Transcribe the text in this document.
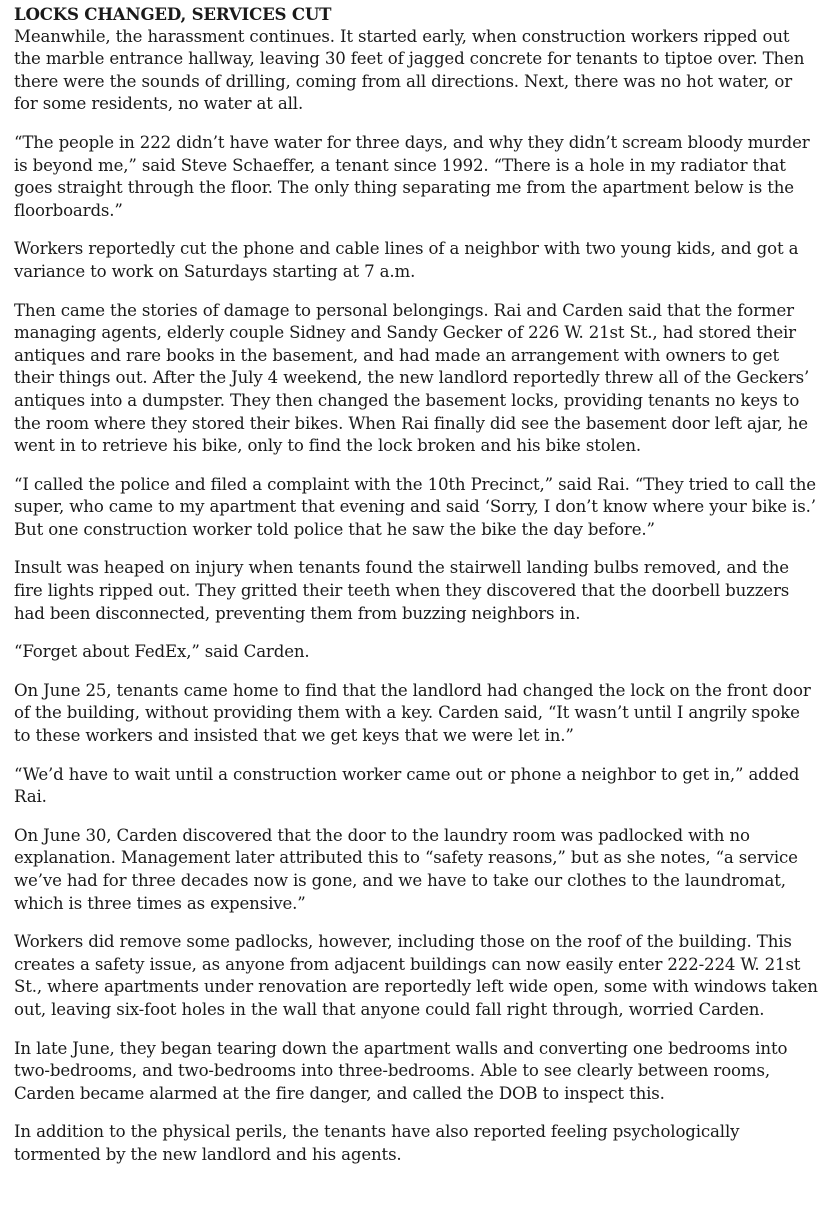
LOCKS CHANGED, SERVICES CUT

Meanwhile, the harassment continues. It started early, when construction workers ripped out the marble entrance hallway, leaving 30 feet of jagged concrete for tenants to tiptoe over. Then there were the sounds of drilling, coming from all directions. Next, there was no hot water, or for some residents, no water at all.

“The people in 222 didn’t have water for three days, and why they didn’t scream bloody murder is beyond me,” said Steve Schaeffer, a tenant since 1992. “There is a hole in my radiator that goes straight through the floor. The only thing separating me from the apartment below is the floorboards.”

Workers reportedly cut the phone and cable lines of a neighbor with two young kids, and got a variance to work on Saturdays starting at 7 a.m.

Then came the stories of damage to personal belongings. Rai and Carden said that the former managing agents, elderly couple Sidney and Sandy Gecker of 226 W. 21st St., had stored their antiques and rare books in the basement, and had made an arrangement with owners to get their things out. After the July 4 weekend, the new landlord reportedly threw all of the Geckers’ antiques into a dumpster. They then changed the basement locks, providing tenants no keys to the room where they stored their bikes. When Rai finally did see the basement door left ajar, he went in to retrieve his bike, only to find the lock broken and his bike stolen.

“I called the police and filed a complaint with the 10th Precinct,” said Rai. “They tried to call the super, who came to my apartment that evening and said ‘Sorry, I don’t know where your bike is.’ But one construction worker told police that he saw the bike the day before.”

Insult was heaped on injury when tenants found the stairwell landing bulbs removed, and the fire lights ripped out. They gritted their teeth when they discovered that the doorbell buzzers had been disconnected, preventing them from buzzing neighbors in.

“Forget about FedEx,” said Carden.

On June 25, tenants came home to find that the landlord had changed the lock on the front door of the building, without providing them with a key. Carden said, “It wasn’t until I angrily spoke to these workers and insisted that we get keys that we were let in.”

“We’d have to wait until a construction worker came out or phone a neighbor to get in,” added Rai.

On June 30, Carden discovered that the door to the laundry room was padlocked with no explanation. Management later attributed this to “safety reasons,” but as she notes, “a service we’ve had for three decades now is gone, and we have to take our clothes to the laundromat, which is three times as expensive.”

Workers did remove some padlocks, however, including those on the roof of the building. This creates a safety issue, as anyone from adjacent buildings can now easily enter 222-224 W. 21st St., where apartments under renovation are reportedly left wide open, some with windows taken out, leaving six-foot holes in the wall that anyone could fall right through, worried Carden.

In late June, they began tearing down the apartment walls and converting one bedrooms into two-bedrooms, and two-bedrooms into three-bedrooms. Able to see clearly between rooms, Carden became alarmed at the fire danger, and called the DOB to inspect this.

In addition to the physical perils, the tenants have also reported feeling psychologically tormented by the new landlord and his agents.
